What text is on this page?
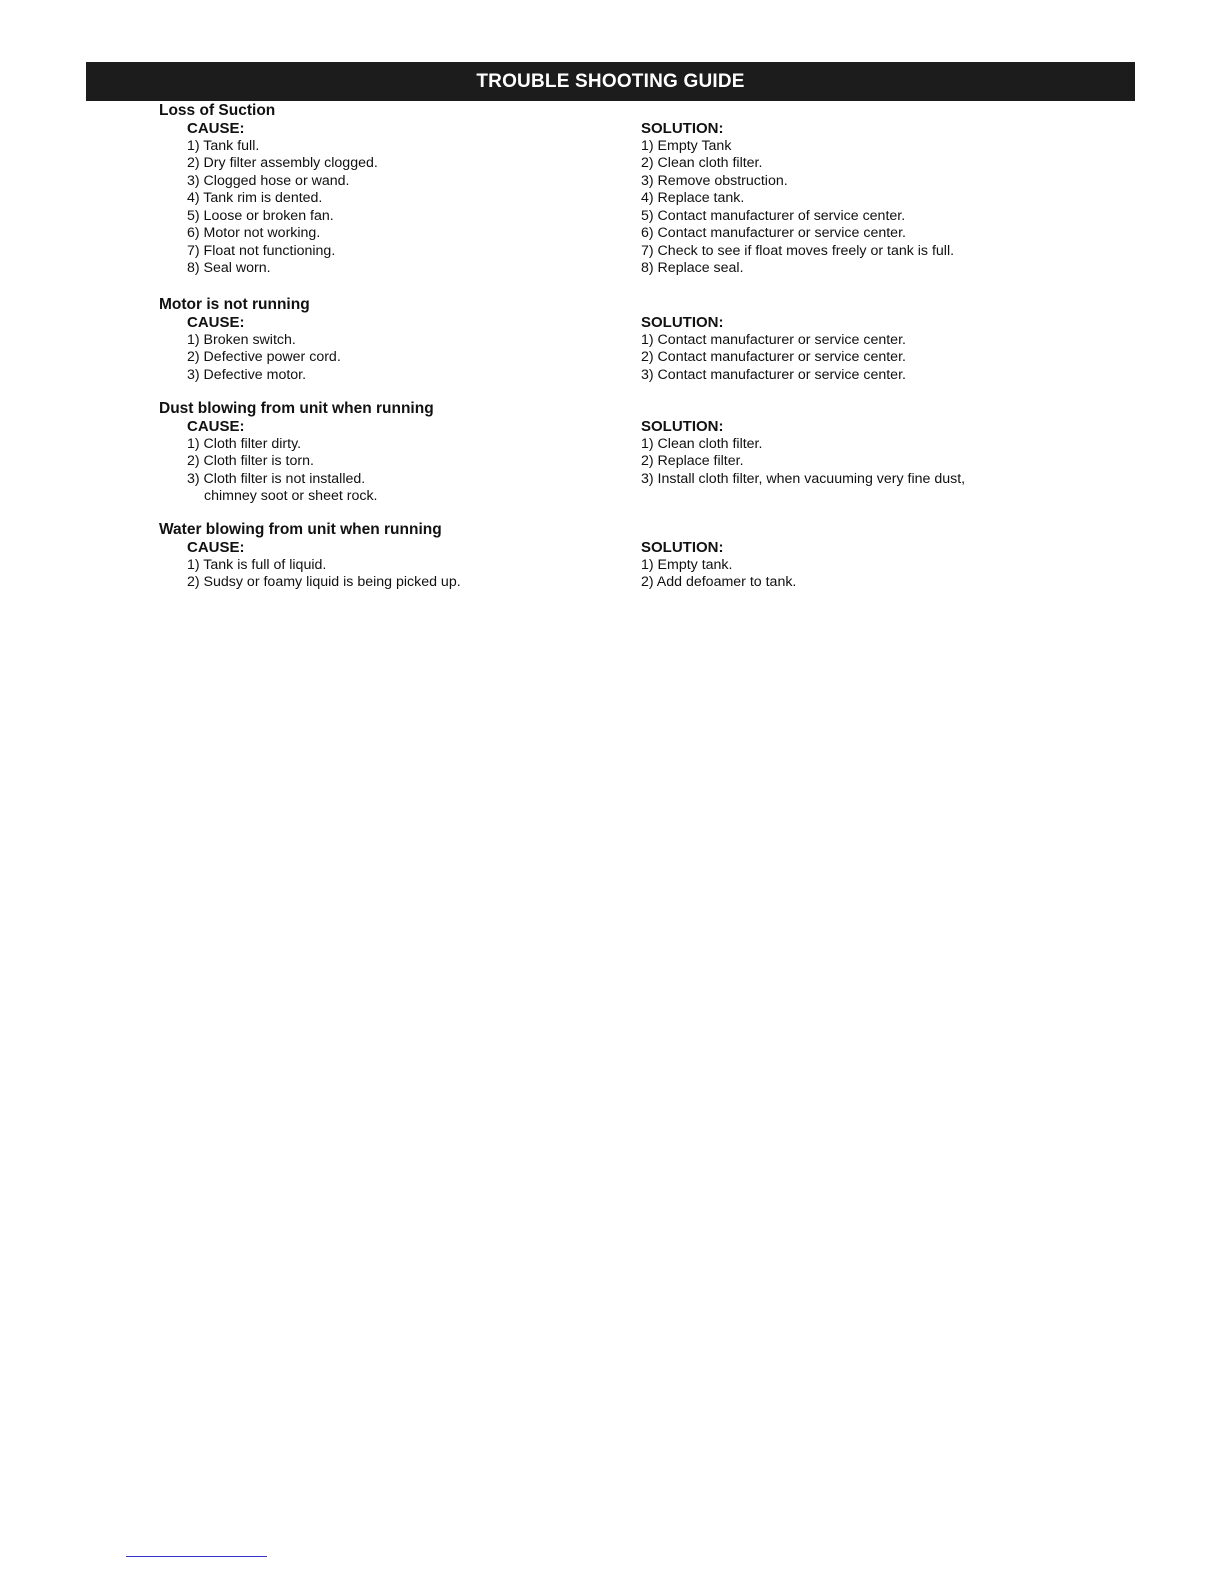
TROUBLE SHOOTING GUIDE
Loss of Suction
CAUSE:
1) Tank full.
2) Dry filter assembly clogged.
3) Clogged hose or wand.
4) Tank rim is dented.
5) Loose or broken fan.
6) Motor not working.
7) Float not functioning.
8) Seal worn.
SOLUTION:
1) Empty Tank
2) Clean cloth filter.
3) Remove obstruction.
4) Replace tank.
5) Contact manufacturer of service center.
6) Contact manufacturer or service center.
7) Check to see if float moves freely or tank is full.
8) Replace seal.
Motor is not running
CAUSE:
1) Broken switch.
2) Defective power cord.
3) Defective motor.
SOLUTION:
1) Contact manufacturer or service center.
2) Contact manufacturer or service center.
3) Contact manufacturer or service center.
Dust blowing from unit when running
CAUSE:
1) Cloth filter dirty.
2) Cloth filter is torn.
3) Cloth filter is not installed.
chimney soot or sheet rock.
SOLUTION:
1) Clean cloth filter.
2) Replace filter.
3) Install cloth filter, when vacuuming very fine dust,
Water blowing from unit when running
CAUSE:
1) Tank is full of liquid.
2) Sudsy or foamy liquid is being picked up.
SOLUTION:
1) Empty tank.
2) Add defoamer to tank.
